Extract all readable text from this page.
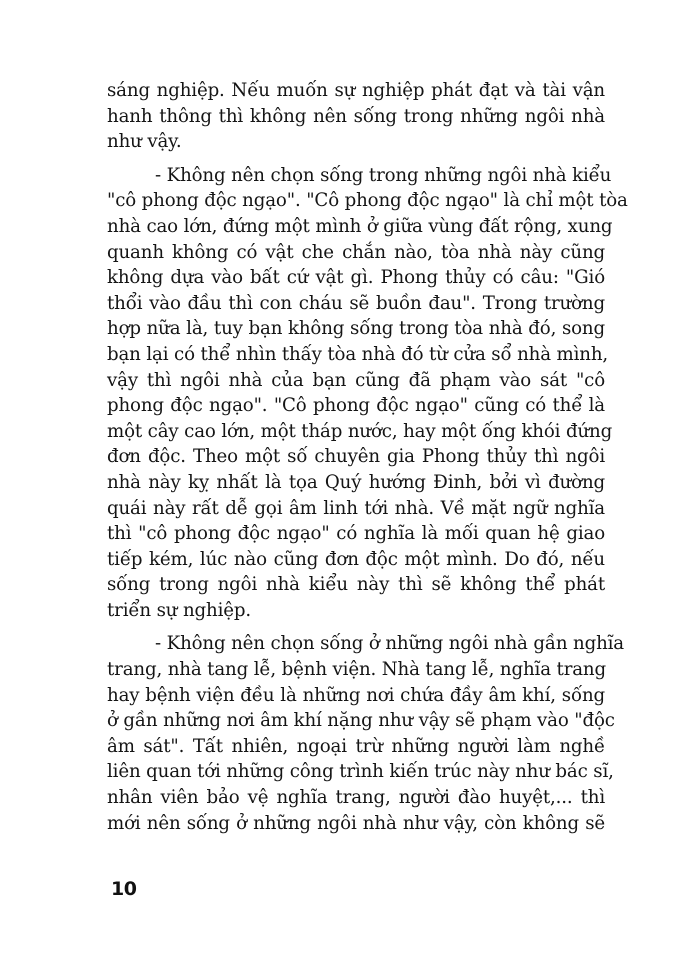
sáng nghiệp. Nếu muốn sự nghiệp phát đạt và tài vận
hanh thông thì không nên sống trong những ngôi nhà
như vậy.
- Không nên chọn sống trong những ngôi nhà kiểu
"cô phong độc ngạo". "Cô phong độc ngạo" là chỉ một tòa
nhà cao lớn, đứng một mình ở giữa vùng đất rộng, xung
quanh không có vật che chắn nào, tòa nhà này cũng
không dựa vào bất cứ vật gì. Phong thủy có câu: "Gió
thổi vào đầu thì con cháu sẽ buồn đau". Trong trường
hợp nữa là, tuy bạn không sống trong tòa nhà đó, song
bạn lại có thể nhìn thấy tòa nhà đó từ cửa sổ nhà mình,
vậy thì ngôi nhà của bạn cũng đã phạm vào sát "cô
phong độc ngạo". "Cô phong độc ngạo" cũng có thể là
một cây cao lớn, một tháp nước, hay một ống khói đứng
đơn độc. Theo một số chuyên gia Phong thủy thì ngôi
nhà này kỵ nhất là tọa Quý hướng Đinh, bởi vì đường
quái này rất dễ gọi âm linh tới nhà. Về mặt ngữ nghĩa
thì "cô phong độc ngạo" có nghĩa là mối quan hệ giao
tiếp kém, lúc nào cũng đơn độc một mình. Do đó, nếu
sống trong ngôi nhà kiểu này thì sẽ không thể phát
triển sự nghiệp.
- Không nên chọn sống ở những ngôi nhà gần nghĩa
trang, nhà tang lễ, bệnh viện. Nhà tang lễ, nghĩa trang
hay bệnh viện đều là những nơi chứa đầy âm khí, sống
ở gần những nơi âm khí nặng như vậy sẽ phạm vào "độc
âm sát". Tất nhiên, ngoại trừ những người làm nghề
liên quan tới những công trình kiến trúc này như bác sĩ,
nhân viên bảo vệ nghĩa trang, người đào huyệt,... thì
mới nên sống ở những ngôi nhà như vậy, còn không sẽ
10
